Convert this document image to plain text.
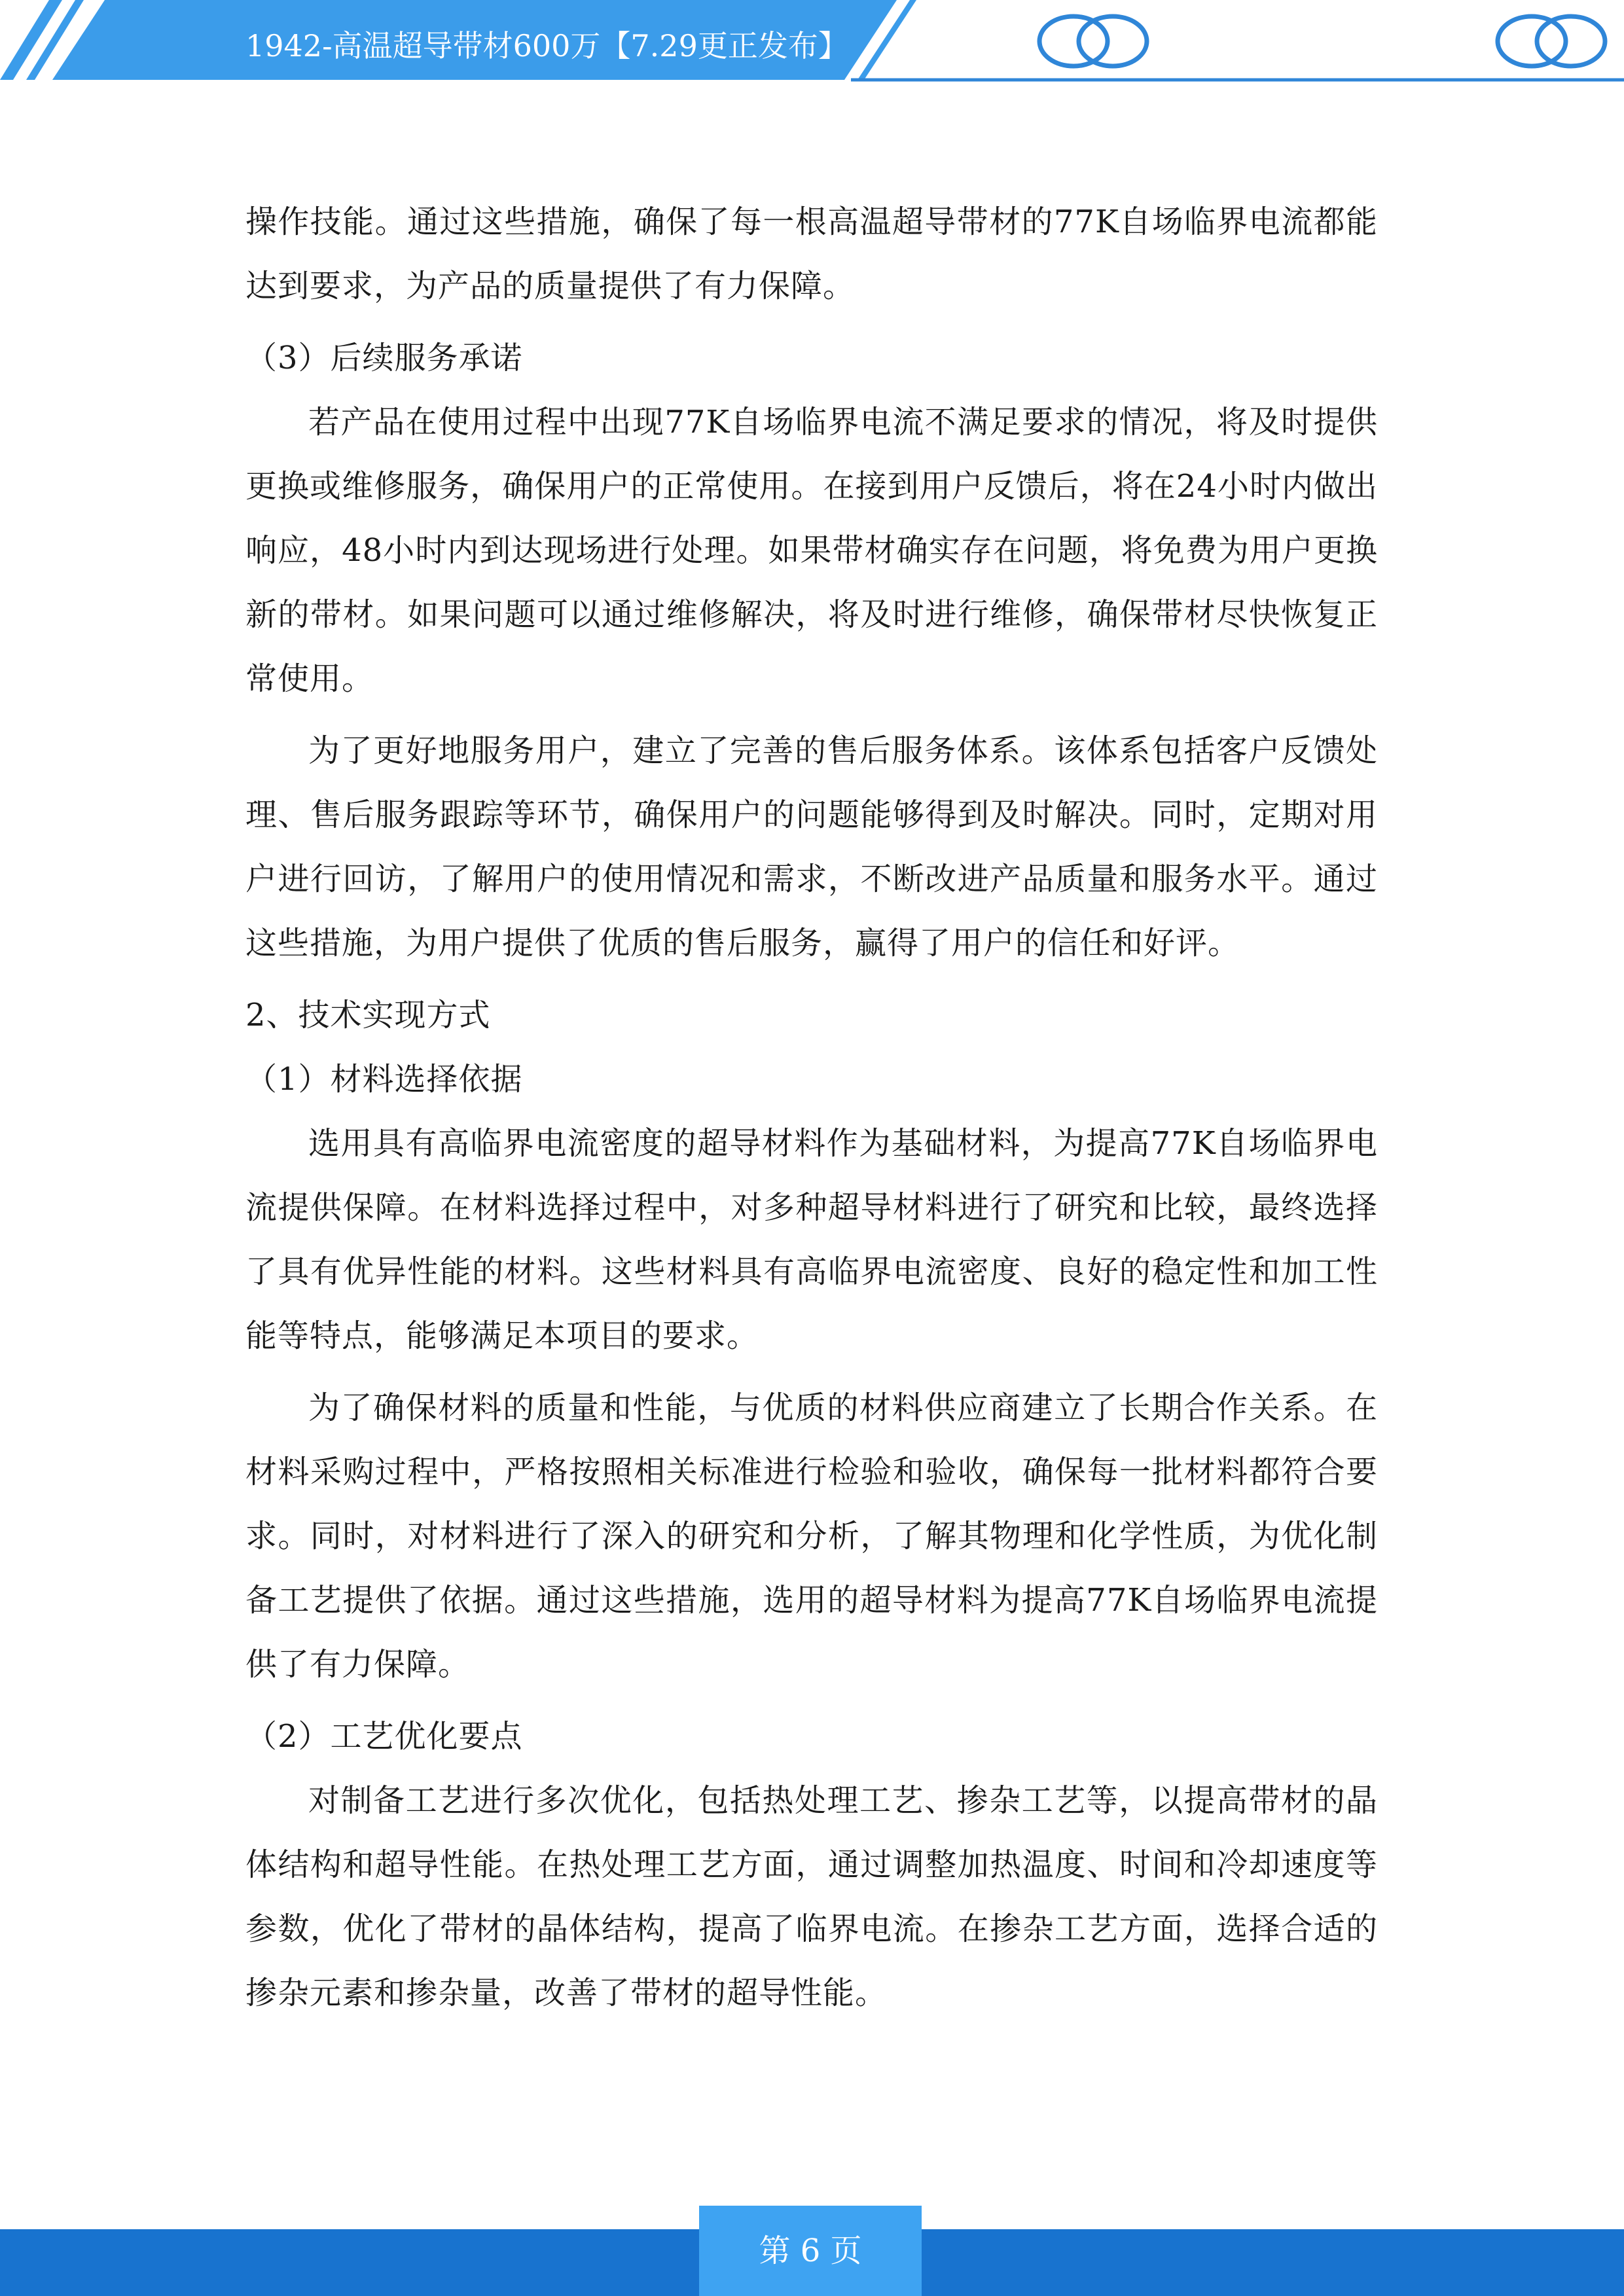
1942-高温超导带材600万【7.29更正发布】

操作技能。通过这些措施，确保了每一根高温超导带材的77K自场临界电流都能达到要求，为产品的质量提供了有力保障。

（3）后续服务承诺

若产品在使用过程中出现77K自场临界电流不满足要求的情况，将及时提供更换或维修服务，确保用户的正常使用。在接到用户反馈后，将在24小时内做出响应，48小时内到达现场进行处理。如果带材确实存在问题，将免费为用户更换新的带材。如果问题可以通过维修解决，将及时进行维修，确保带材尽快恢复正常使用。

为了更好地服务用户，建立了完善的售后服务体系。该体系包括客户反馈处理、售后服务跟踪等环节，确保用户的问题能够得到及时解决。同时，定期对用户进行回访，了解用户的使用情况和需求，不断改进产品质量和服务水平。通过这些措施，为用户提供了优质的售后服务，赢得了用户的信任和好评。

2、技术实现方式
（1）材料选择依据

选用具有高临界电流密度的超导材料作为基础材料，为提高77K自场临界电流提供保障。在材料选择过程中，对多种超导材料进行了研究和比较，最终选择了具有优异性能的材料。这些材料具有高临界电流密度、良好的稳定性和加工性能等特点，能够满足本项目的要求。

为了确保材料的质量和性能，与优质的材料供应商建立了长期合作关系。在材料采购过程中，严格按照相关标准进行检验和验收，确保每一批材料都符合要求。同时，对材料进行了深入的研究和分析，了解其物理和化学性质，为优化制备工艺提供了依据。通过这些措施，选用的超导材料为提高77K自场临界电流提供了有力保障。

（2）工艺优化要点

对制备工艺进行多次优化，包括热处理工艺、掺杂工艺等，以提高带材的晶体结构和超导性能。在热处理工艺方面，通过调整加热温度、时间和冷却速度等参数，优化了带材的晶体结构，提高了临界电流。在掺杂工艺方面，选择合适的掺杂元素和掺杂量，改善了带材的超导性能。

第 6 页
